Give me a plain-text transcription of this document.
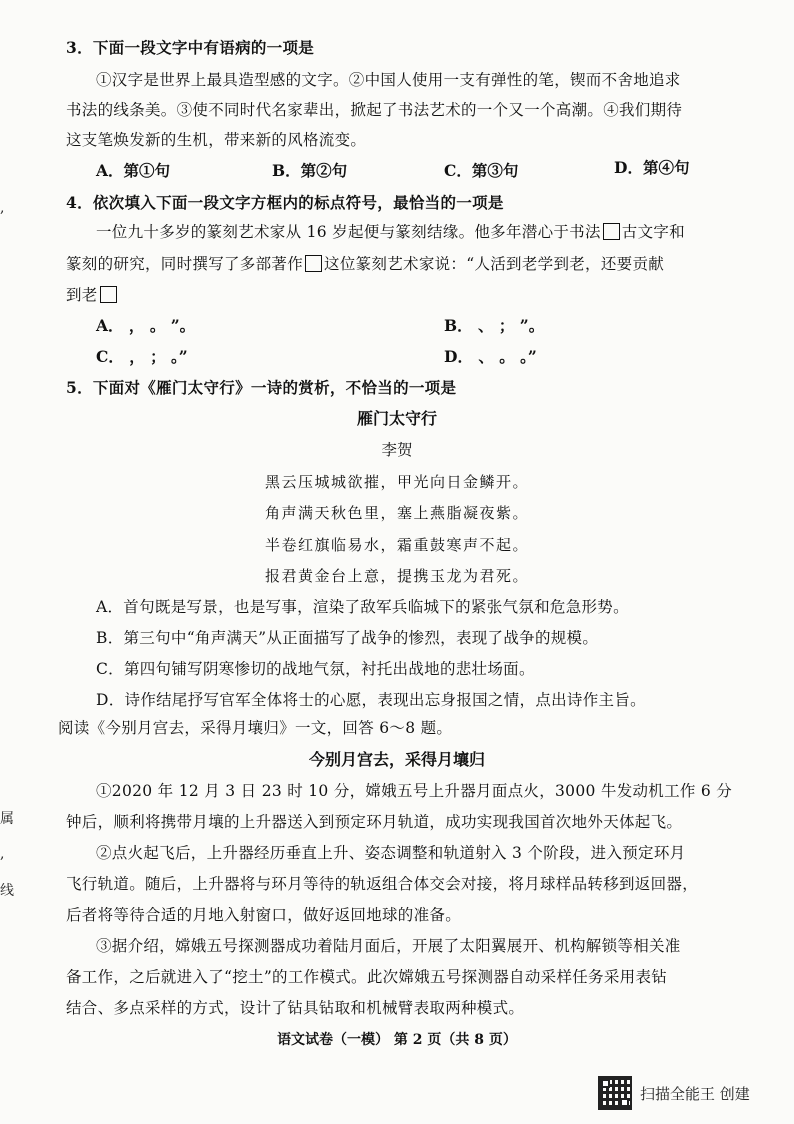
,
属
,
线
3．下面一段文字中有语病的一项是
①汉字是世界上最具造型感的文字。②中国人使用一支有弹性的笔，锲而不舍地追求
书法的线条美。③使不同时代名家辈出，掀起了书法艺术的一个又一个高潮。④我们期待
这支笔焕发新的生机，带来新的风格流变。
A．第①句	B．第②句	C．第③句	D．第④句
4．依次填入下面一段文字方框内的标点符号，最恰当的一项是
一位九十多岁的篆刻艺术家从 16 岁起便与篆刻结缘。他多年潜心于书法 古文字和
篆刻的研究，同时撰写了多部著作 这位篆刻艺术家说：“人活到老学到老，还要贡献
到老
A． ， 。 ”。	B． 、 ； ”。
C． ， ； 。”	D． 、 。 。”
5．下面对《雁门太守行》一诗的赏析，不恰当的一项是
雁门太守行
李贺
黑云压城城欲摧，甲光向日金鳞开。
角声满天秋色里，塞上燕脂凝夜紫。
半卷红旗临易水，霜重鼓寒声不起。
报君黄金台上意，提携玉龙为君死。
A．首句既是写景，也是写事，渲染了敌军兵临城下的紧张气氛和危急形势。
B．第三句中“角声满天”从正面描写了战争的惨烈，表现了战争的规模。
C．第四句铺写阴寒惨切的战地气氛，衬托出战地的悲壮场面。
D．诗作结尾抒写官军全体将士的心愿，表现出忘身报国之情，点出诗作主旨。
阅读《今别月宫去，采得月壤归》一文，回答 6～8 题。
今别月宫去，采得月壤归
①2020 年 12 月 3 日 23 时 10 分，嫦娥五号上升器月面点火，3000 牛发动机工作 6 分
钟后，顺利将携带月壤的上升器送入到预定环月轨道，成功实现我国首次地外天体起飞。
②点火起飞后，上升器经历垂直上升、姿态调整和轨道射入 3 个阶段，进入预定环月
飞行轨道。随后，上升器将与环月等待的轨返组合体交会对接，将月球样品转移到返回器，
后者将等待合适的月地入射窗口，做好返回地球的准备。
③据介绍，嫦娥五号探测器成功着陆月面后，开展了太阳翼展开、机构解锁等相关准
备工作，之后就进入了“挖土”的工作模式。此次嫦娥五号探测器自动采样任务采用表钻
结合、多点采样的方式，设计了钻具钻取和机械臂表取两种模式。
语文试卷（一模） 第 2 页（共 8 页）
扫描全能王 创建
